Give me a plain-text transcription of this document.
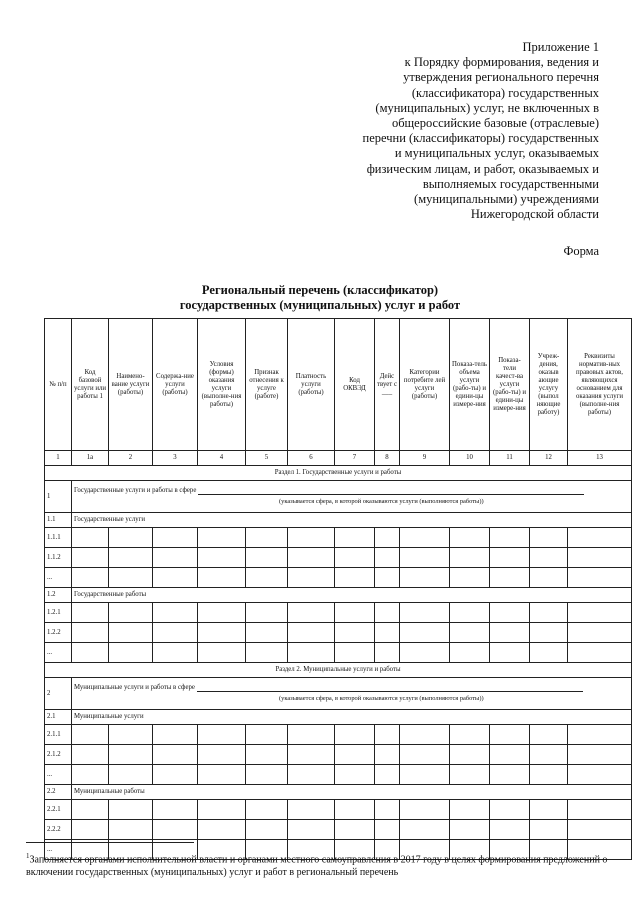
Приложение 1
к Порядку формирования, ведения и
утверждения регионального перечня
(классификатора) государственных
(муниципальных) услуг, не включенных в
общероссийские базовые (отраслевые)
перечни (классификаторы) государственных
и муниципальных услуг, оказываемых
физическим лицам, и работ, оказываемых и
выполняемых государственными
(муниципальными) учреждениями
Нижегородской области
Форма
Региональный перечень (классификатор)
государственных (муниципальных) услуг и работ
№ п/п	Код базовой услуги или работы 1	Наимено-вание услуги (работы)	Содержа-ние услуги (работы)	Условия (формы) оказания услуги (выполне-ния работы)	Признак отнесения к услуге (работе)	Платность услуги (работы)	Код ОКВЭД	Дейс твует с ___	Категории потребите лей услуги (работы)	Показа-тель объема услуги (рабо-ты) и едини-цы измере-ния	Показа-тели качест-ва услуги (рабо-ты) и едини-цы измере-ния	Учреж-дения, оказыв ающие услугу (выпол няющие работу)	Реквизиты норматив-ных правовых актов, являющихся основанием для оказания услуги (выполне-ния работы)
1	1а	2	3	4	5	6	7	8	9	10	11	12	13
Раздел 1. Государственные услуги и работы													
1	Государственные услуги и работы в сфере
(указывается сфера, в которой оказываются услуги (выполняются работы))												

1.1	Государственные услуги												
1.1.1													
1.1.2													
...													
1.2	Государственные работы												
1.2.1													
1.2.2													
...													
Раздел 2. Муниципальные услуги и работы													
2	Муниципальные услуги и работы в сфере
(указывается сфера, в которой оказываются услуги (выполняются работы))												

2.1	Муниципальные услуги												
2.1.1													
2.1.2													
...													
2.2	Муниципальные работы												
2.2.1													
2.2.2													
...													
$^1$Заполняется органами исполнительной власти и органами местного самоуправления в 2017 году в целях формирования предложений о включении государственных (муниципальных) услуг и работ в региональный перечень
